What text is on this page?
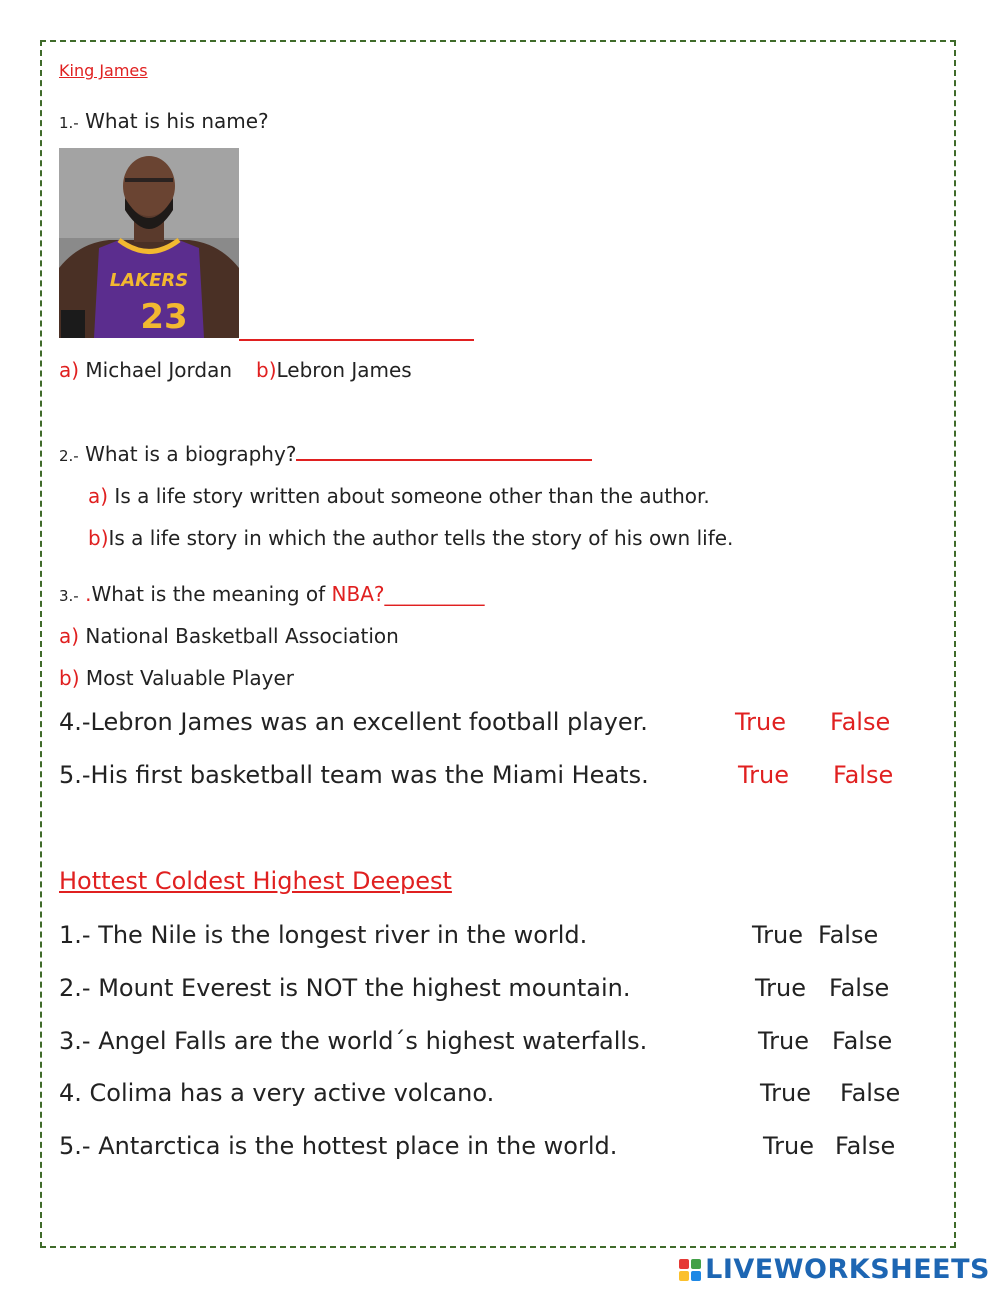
King James
1.- What is his name?
LAKERS
23
a) Michael Jordan b)Lebron James
2.- What is a biography?
a) Is a life story written about someone other than the author.
b)Is a life story in which the author tells the story of his own life.
3.- .What is the meaning of NBA?__________
a) National Basketball Association
b) Most Valuable Player
4.-Lebron James was an excellent football player.	True False
5.-His first basketball team was the Miami Heats.	True False
Hottest Coldest Highest Deepest
1.- The Nile is the longest river in the world.	True False
2.- Mount Everest is NOT the highest mountain.	True False
3.- Angel Falls are the world´s highest waterfalls.	True False
4. Colima has a very active volcano.	True False
5.- Antarctica is the hottest place in the world.	True False
LIVEWORKSHEETS
